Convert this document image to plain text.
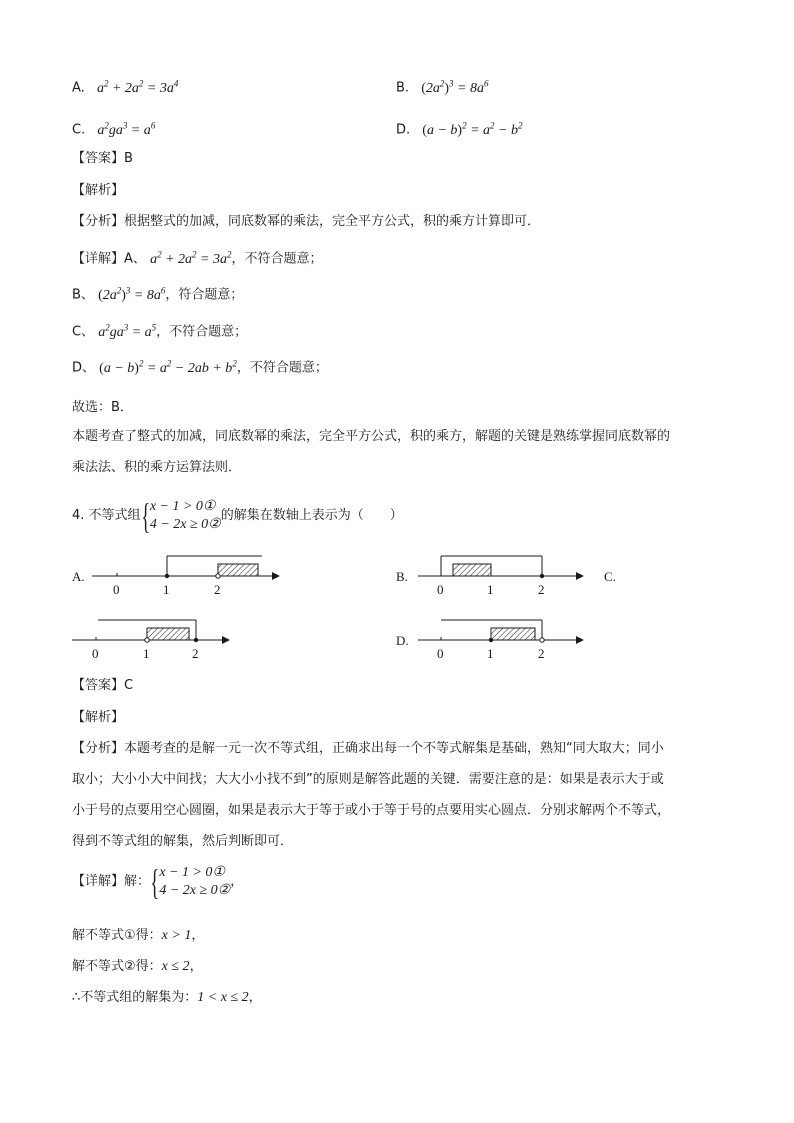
A. $a^2 + 2a^2 = 3a^4$	B. $(2a^2)^3 = 8a^6$
C. $a^2ga^3 = a^6$	D. $(a - b)^2 = a^2 - b^2$
【答案】B
【解析】
【分析】根据整式的加减，同底数幂的乘法，完全平方公式，积的乘方计算即可．
【详解】A、 $a^2 + 2a^2 = 3a^2$，不符合题意；
B、 $(2a^2)^3 = 8a^6$，符合题意；
C、 $a^2ga^3 = a^5$，不符合题意；
D、 $(a - b)^2 = a^2 - 2ab + b^2$，不符合题意；
故选：B．
本题考查了整式的加减，同底数幂的乘法，完全平方公式，积的乘方，解题的关键是熟练掌握同底数幂的
乘法法、积的乘方运算法则．
4. 不等式组 { x − 1 > 0①
4 − 2x ≥ 0②
的解集在数轴上表示为（　　）
A.
0	1	2
B.
0	1	2
C.
0	1	2
D.
0	1	2
【答案】C
【解析】
【分析】本题考查的是解一元一次不等式组，正确求出每一个不等式解集是基础，熟知“同大取大；同小
取小；大小小大中间找；大大小小找不到”的原则是解答此题的关键．需要注意的是：如果是表示大于或
小于号的点要用空心圆圈，如果是表示大于等于或小于等于号的点要用实心圆点．分别求解两个不等式，
得到不等式组的解集，然后判断即可．
【详解】 解： { x − 1 > 0①
4 − 2x ≥ 0②
，
解不等式①得：x > 1，
解不等式②得：x ≤ 2，
∴不等式组的解集为：1 < x ≤ 2，
